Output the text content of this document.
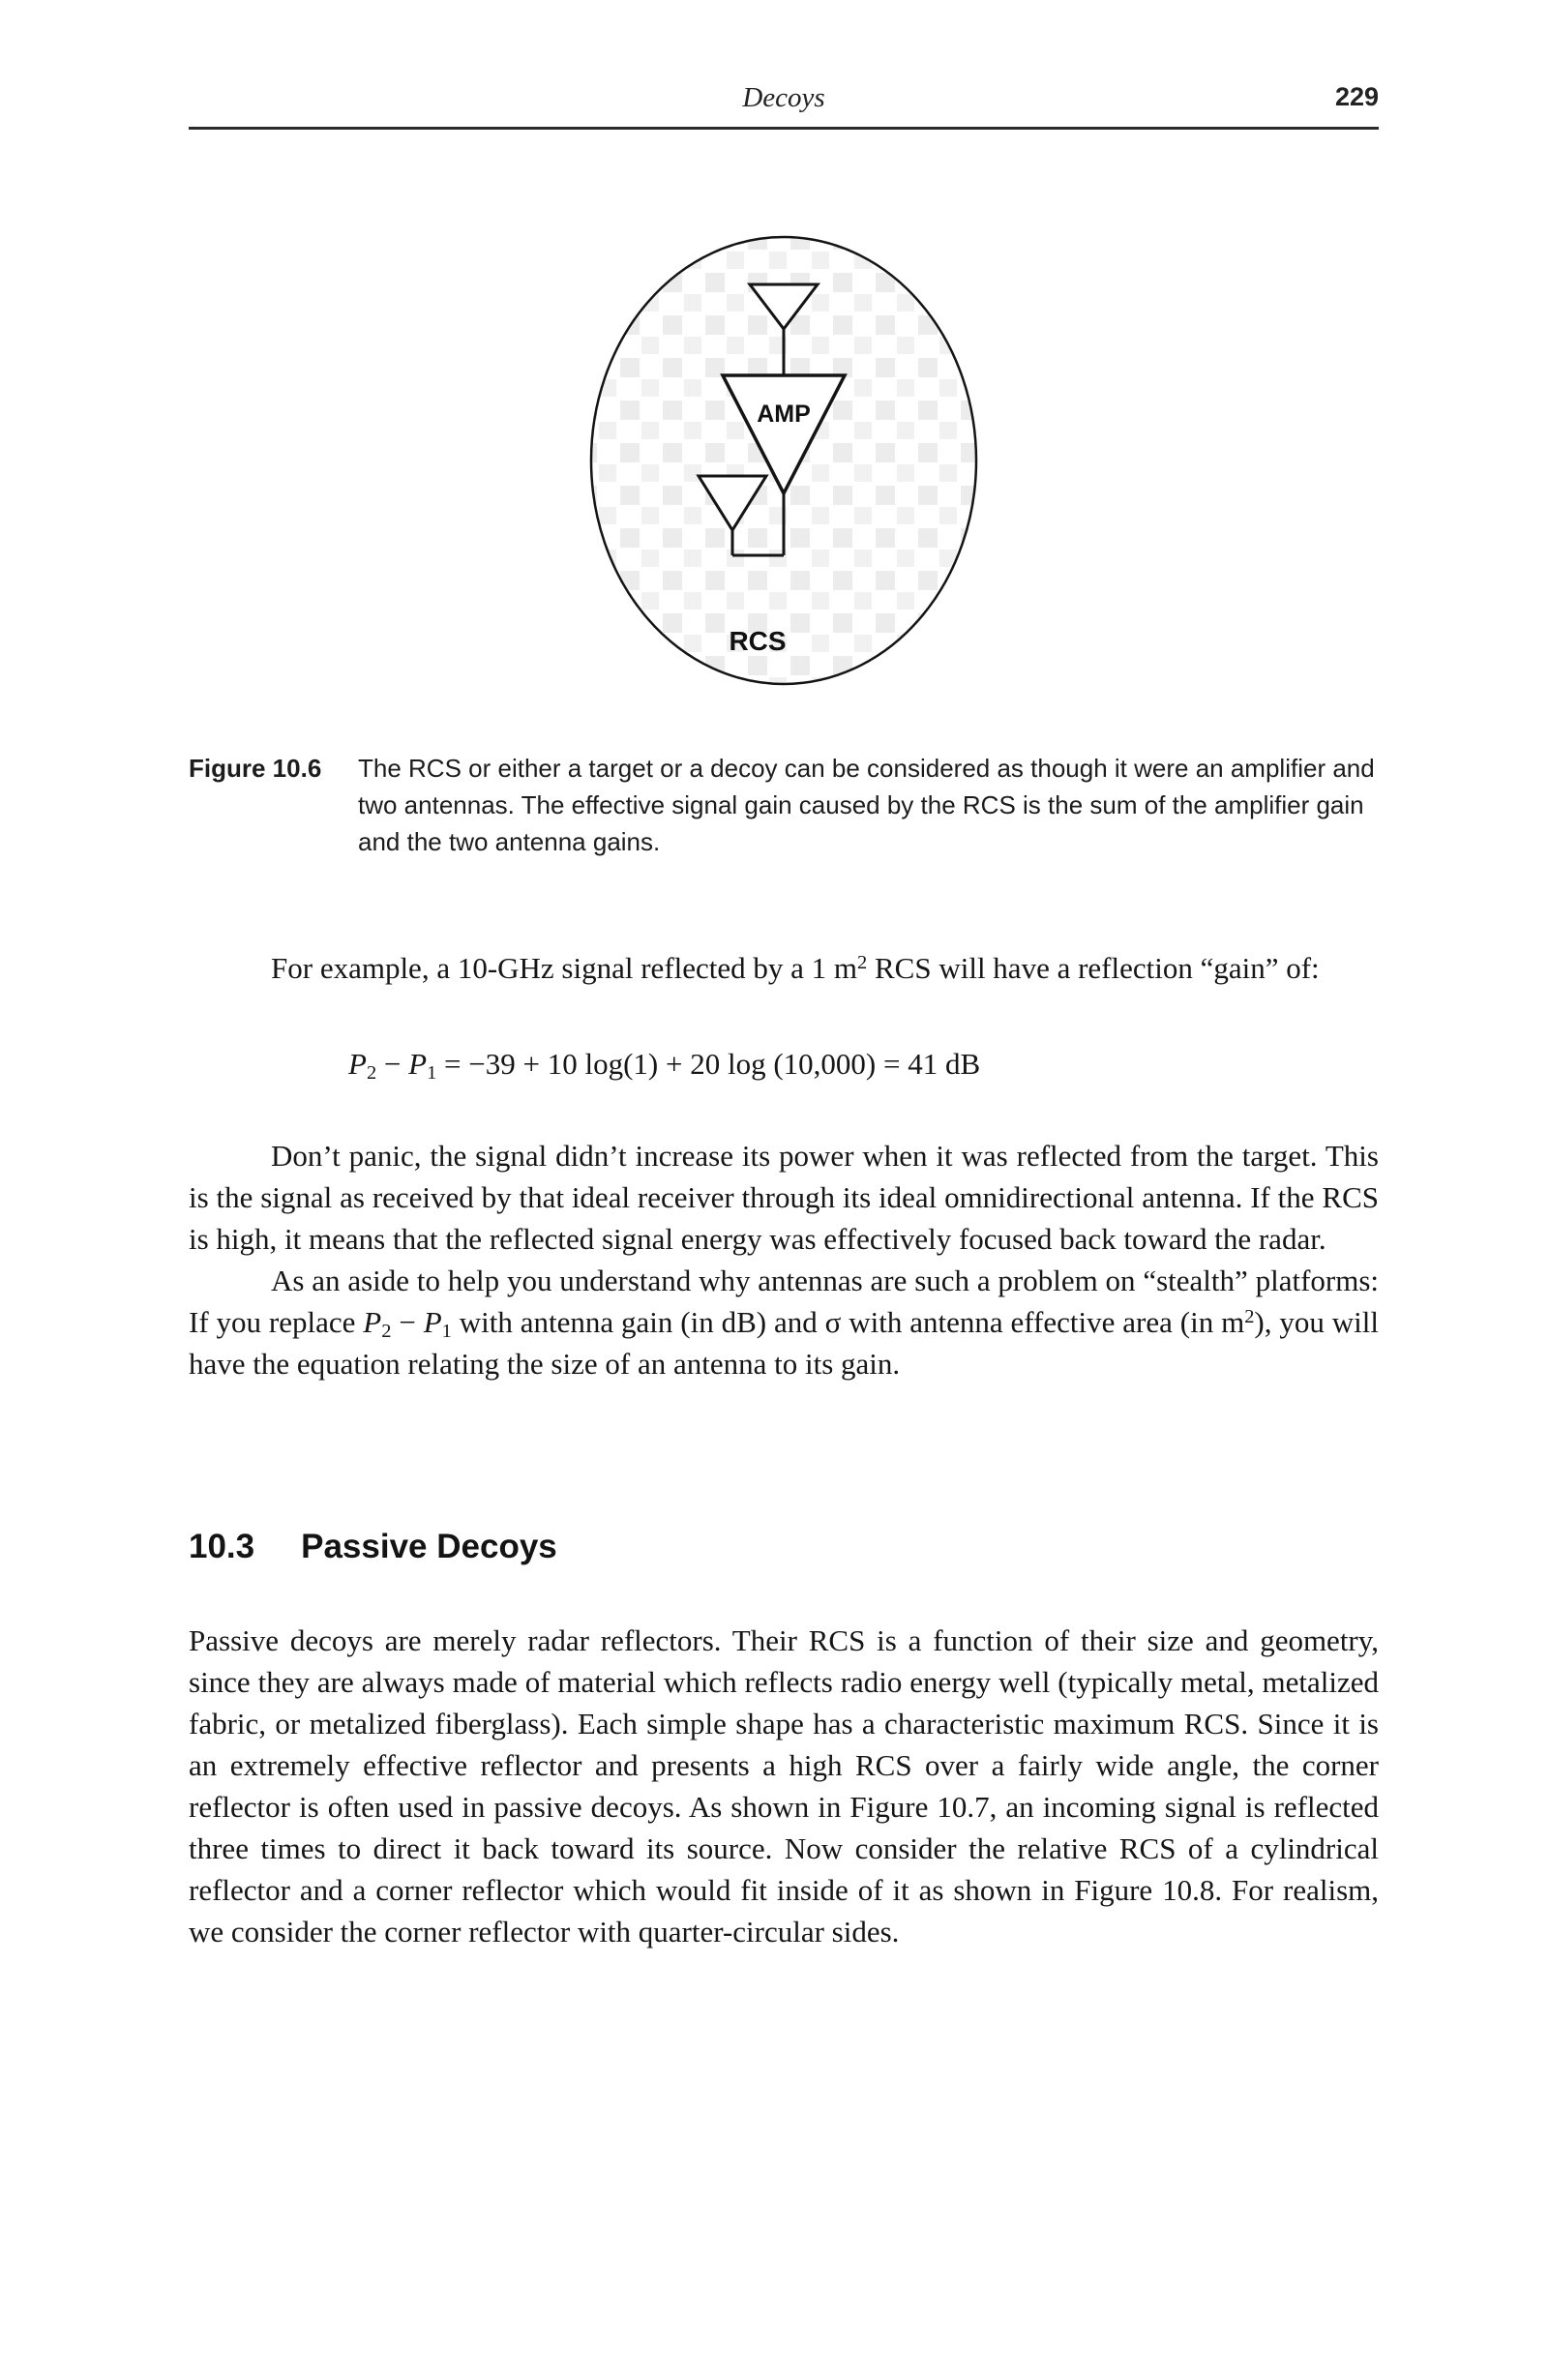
Decoys	229
AMP
RCS
Figure 10.6	The RCS or either a target or a decoy can be considered as though it were an amplifier and two antennas. The effective signal gain caused by the RCS is the sum of the amplifier gain and the two antenna gains.

For example, a 10-GHz signal reflected by a 1 $m^2$ RCS will have a reflection “gain” of:

$P_2 - P_1 = -39 + 10$ log(1) + 20 log (10,000) = 41 dB

Don’t panic, the signal didn’t increase its power when it was reflected from the target. This is the signal as received by that ideal receiver through its ideal omnidirectional antenna. If the RCS is high, it means that the reflected signal energy was effectively focused back toward the radar.

As an aside to help you understand why antennas are such a problem on “stealth” platforms: If you replace $P_2 - P_1$ with antenna gain (in dB) and σ with antenna effective area (in $m^2$), you will have the equation relating the size of an antenna to its gain.

10.3 Passive Decoys

Passive decoys are merely radar reflectors. Their RCS is a function of their size and geometry, since they are always made of material which reflects radio energy well (typically metal, metalized fabric, or metalized fiberglass). Each simple shape has a characteristic maximum RCS. Since it is an extremely effective reflector and presents a high RCS over a fairly wide angle, the corner reflector is often used in passive decoys. As shown in Figure 10.7, an incoming signal is reflected three times to direct it back toward its source. Now consider the relative RCS of a cylindrical reflector and a corner reflector which would fit inside of it as shown in Figure 10.8. For realism, we consider the corner reflector with quarter-circular sides.
